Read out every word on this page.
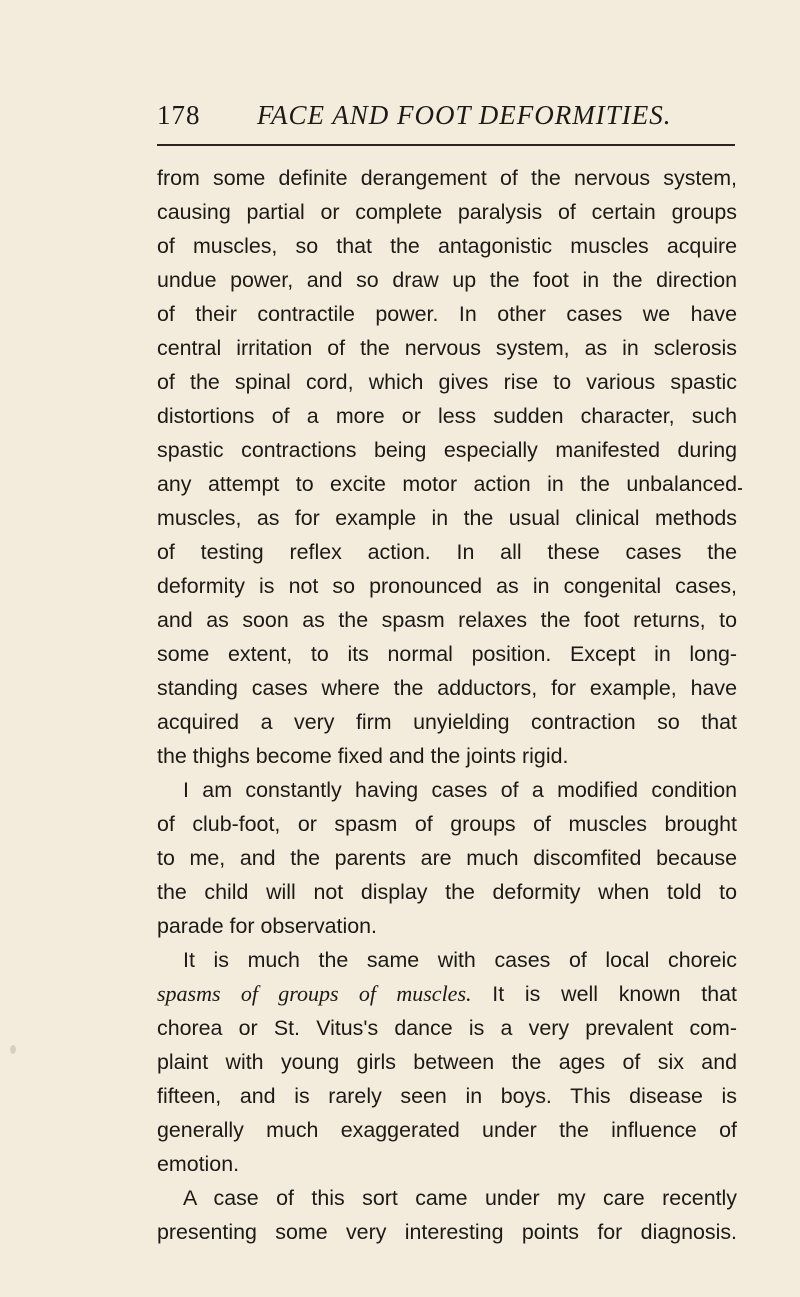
178 FACE AND FOOT DEFORMITIES.
from some definite derangement of the nervous system,
causing partial or complete paralysis of certain groups
of muscles, so that the antagonistic muscles acquire
undue power, and so draw up the foot in the direction
of their contractile power. In other cases we have
central irritation of the nervous system, as in sclerosis
of the spinal cord, which gives rise to various spastic
distortions of a more or less sudden character, such
spastic contractions being especially manifested during
any attempt to excite motor action in the unbalanced
muscles, as for example in the usual clinical methods
of testing reflex action. In all these cases the
deformity is not so pronounced as in congenital cases,
and as soon as the spasm relaxes the foot returns, to
some extent, to its normal position. Except in long-
standing cases where the adductors, for example, have
acquired a very firm unyielding contraction so that
the thighs become fixed and the joints rigid.
I am constantly having cases of a modified condition
of club-foot, or spasm of groups of muscles brought
to me, and the parents are much discomfited because
the child will not display the deformity when told to
parade for observation.
It is much the same with cases of local choreic
spasms of groups of muscles. It is well known that
chorea or St. Vitus's dance is a very prevalent com-
plaint with young girls between the ages of six and
fifteen, and is rarely seen in boys. This disease is
generally much exaggerated under the influence of
emotion.
A case of this sort came under my care recently
presenting some very interesting points for diagnosis.
